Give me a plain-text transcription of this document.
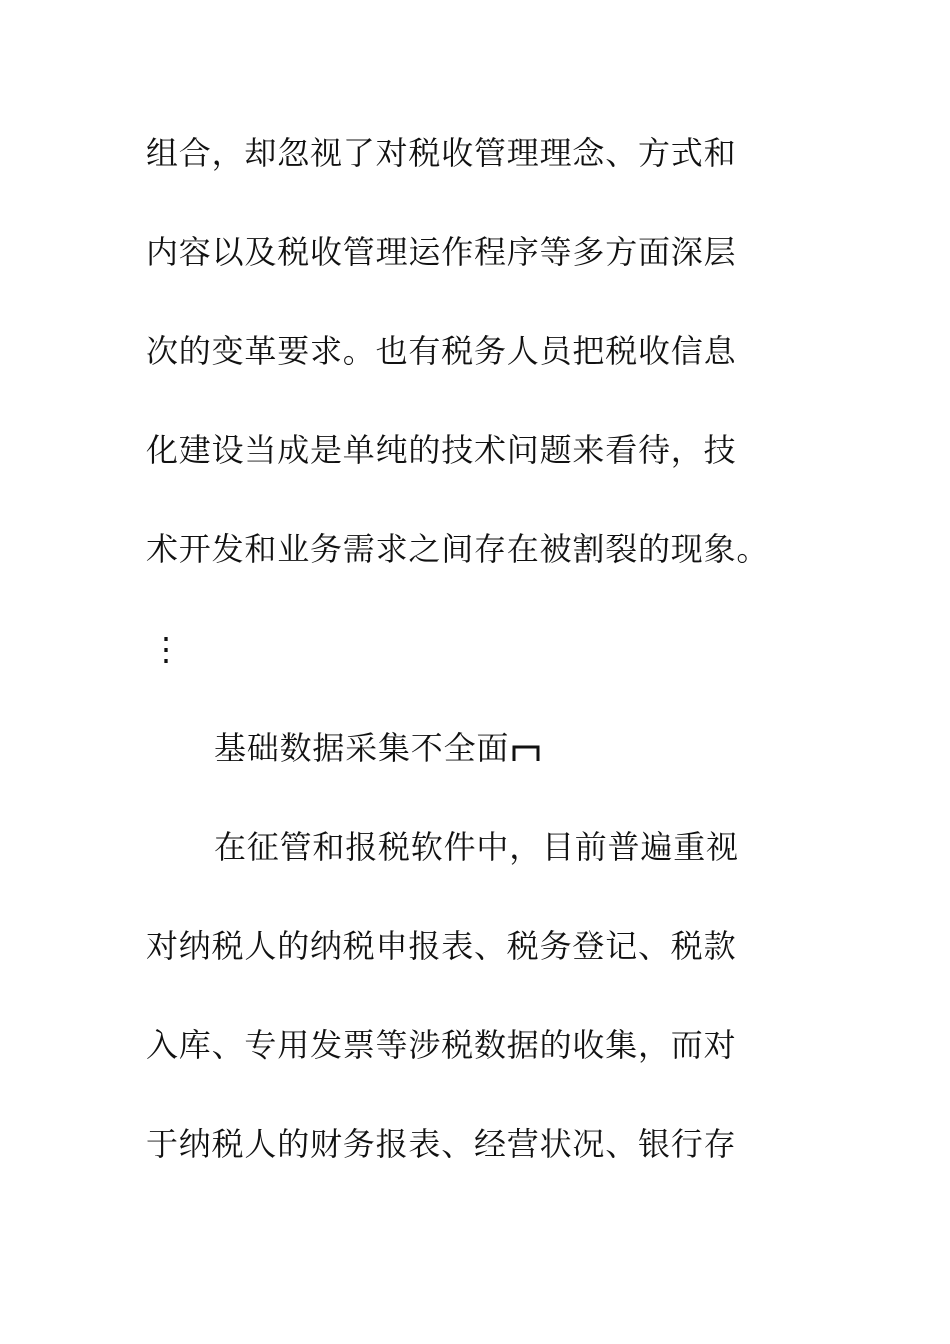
组合，却忽视了对税收管理理念、方式和
内容以及税收管理运作程序等多方面深层
次的变革要求。也有税务人员把税收信息
化建设当成是单纯的技术问题来看待，技
术开发和业务需求之间存在被割裂的现象。
⋮
基础数据采集不全面
在征管和报税软件中，目前普遍重视
对纳税人的纳税申报表、税务登记、税款
入库、专用发票等涉税数据的收集，而对
于纳税人的财务报表、经营状况、银行存
